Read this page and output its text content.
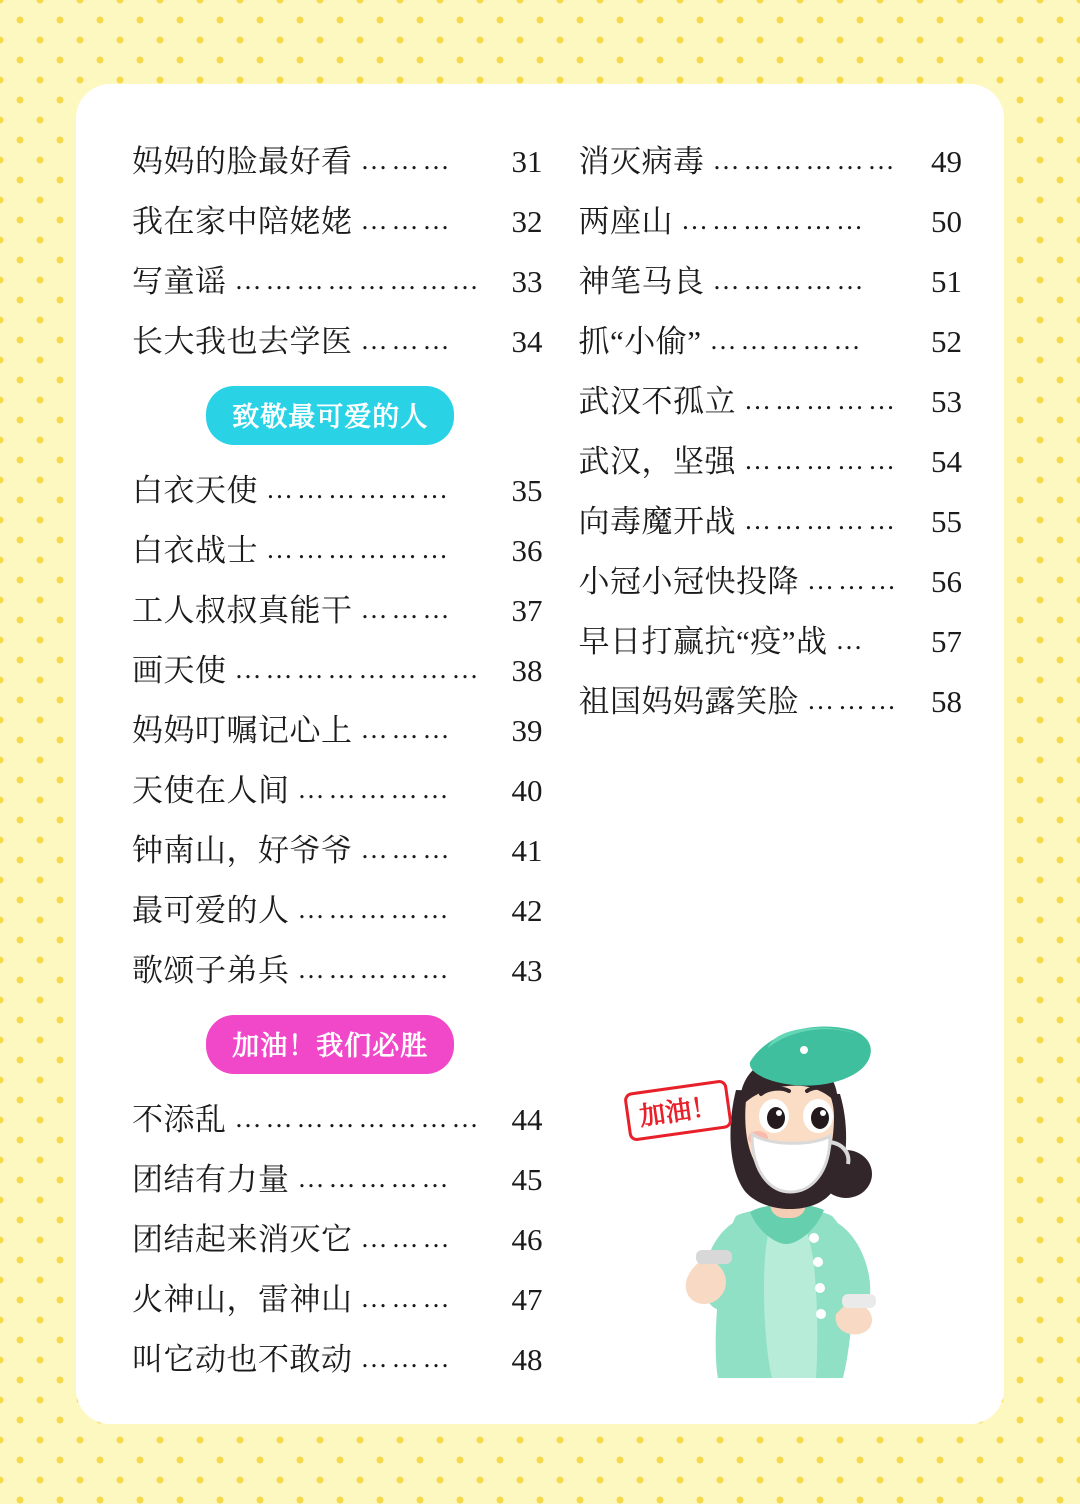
妈妈的脸最好看 ………	31
我在家中陪姥姥 ………	32
写童谣 …………………… 33
长大我也去学医 ………	34
致敬最可爱的人
白衣天使 ………………	35
白衣战士 ………………	36
工人叔叔真能干 ………	37
画天使 …………………… 38
妈妈叮嘱记心上 ………	39
天使在人间 ……………	40
钟南山，好爷爷 ………	41
最可爱的人 ……………	42
歌颂子弟兵 ……………	43
加油！我们必胜
不添乱 …………………… 44
团结有力量 ……………	45
团结起来消灭它 ………	46
火神山，雷神山 ………	47
叫它动也不敢动 ………	48
消灭病毒 ………………	49
两座山 ………………	50
神笔马良 ……………	51
抓“小偷” ……………	52
武汉不孤立 ……………	53
武汉，坚强 ……………	54
向毒魔开战 ……………	55
小冠小冠快投降 ………	56
早日打赢抗“疫”战 …	57
祖国妈妈露笑脸 ………	58
加油！
